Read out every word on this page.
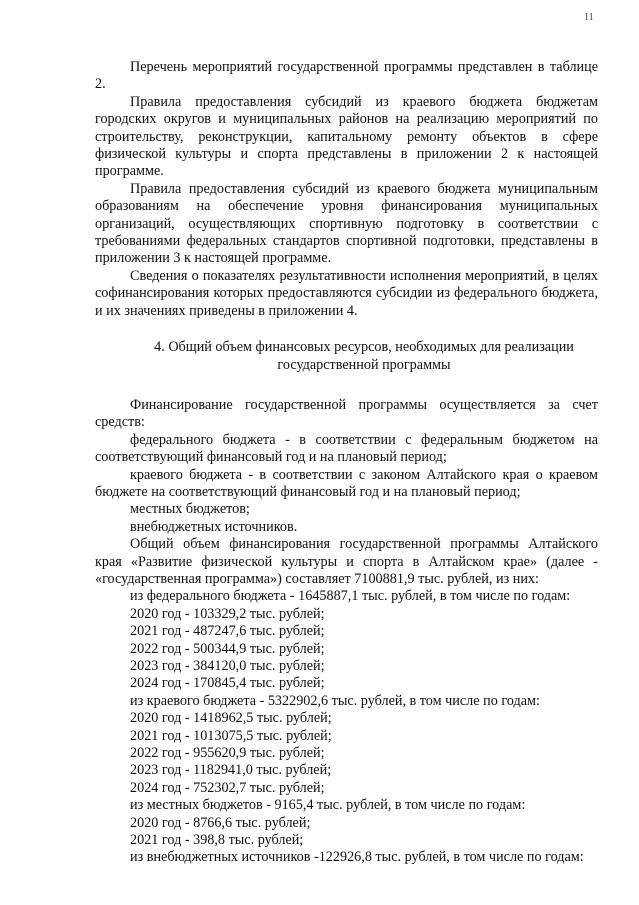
11

Перечень мероприятий государственной программы представлен в таблице 2.

Правила предоставления субсидий из краевого бюджета бюджетам городских округов и муниципальных районов на реализацию мероприятий по строительству, реконструкции, капитальному ремонту объектов в сфере физической культуры и спорта представлены в приложении 2 к настоящей программе.

Правила предоставления субсидий из краевого бюджета муниципальным образованиям на обеспечение уровня финансирования муниципальных организаций, осуществляющих спортивную подготовку в соответствии с требованиями федеральных стандартов спортивной подготовки, представлены в приложении 3 к настоящей программе.

Сведения о показателях результативности исполнения мероприятий, в целях софинансирования которых предоставляются субсидии из федерального бюджета, и их значениях приведены в приложении 4.

4. Общий объем финансовых ресурсов, необходимых для реализации государственной программы

Финансирование государственной программы осуществляется за счет средств:

федерального бюджета - в соответствии с федеральным бюджетом на соответствующий финансовый год и на плановый период;

краевого бюджета - в соответствии с законом Алтайского края о краевом бюджете на соответствующий финансовый год и на плановый период;

местных бюджетов;

внебюджетных источников.

Общий объем финансирования государственной программы Алтайского края «Развитие физической культуры и спорта в Алтайском крае» (далее - «государственная программа») составляет 7100881,9 тыс. рублей, из них:

из федерального бюджета - 1645887,1 тыс. рублей, в том числе по годам:

2020 год - 103329,2 тыс. рублей;

2021 год - 487247,6 тыс. рублей;

2022 год - 500344,9 тыс. рублей;

2023 год - 384120,0 тыс. рублей;

2024 год - 170845,4 тыс. рублей;

из краевого бюджета - 5322902,6 тыс. рублей, в том числе по годам:

2020 год - 1418962,5 тыс. рублей;

2021 год - 1013075,5 тыс. рублей;

2022 год - 955620,9 тыс. рублей;

2023 год - 1182941,0 тыс. рублей;

2024 год - 752302,7 тыс. рублей;

из местных бюджетов - 9165,4 тыс. рублей, в том числе по годам:

2020 год - 8766,6 тыс. рублей;

2021 год - 398,8 тыс. рублей;

из внебюджетных источников -122926,8 тыс. рублей, в том числе по годам:
